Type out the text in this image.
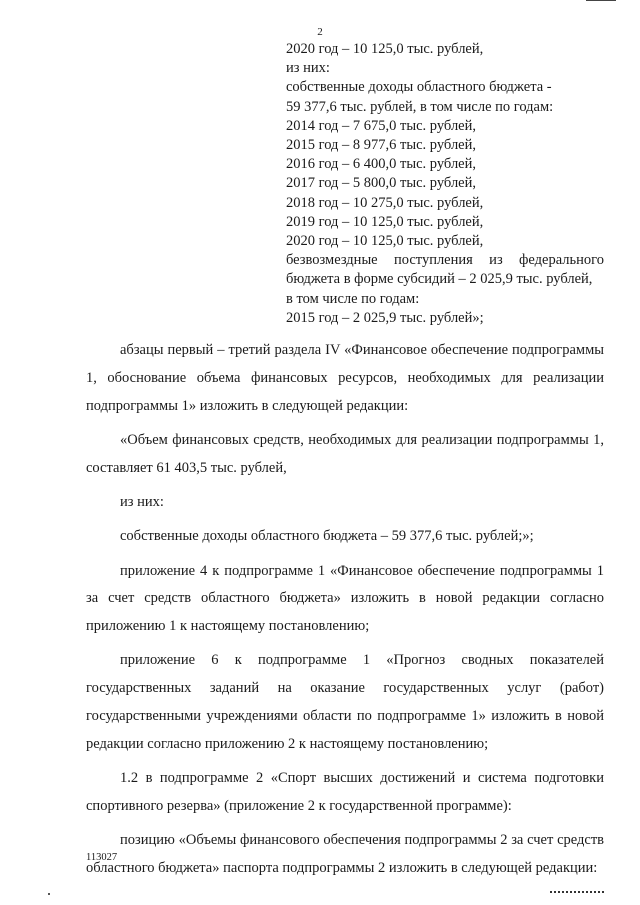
2

2020 год – 10 125,0 тыс. рублей,

из них:

собственные доходы областного бюджета -

59 377,6 тыс. рублей, в том числе по годам:

2014 год – 7 675,0 тыс. рублей,

2015 год – 8 977,6 тыс. рублей,

2016 год – 6 400,0 тыс. рублей,

2017 год – 5 800,0 тыс. рублей,

2018 год – 10 275,0 тыс. рублей,

2019 год – 10 125,0 тыс. рублей,

2020 год – 10 125,0 тыс. рублей,

безвозмездные поступления из федерального бюджета в форме субсидий – 2 025,9 тыс. рублей,

в том числе по годам:

2015 год – 2 025,9 тыс. рублей»;

абзацы первый – третий раздела IV «Финансовое обеспечение подпрограммы 1, обоснование объема финансовых ресурсов, необходимых для реализации подпрограммы 1» изложить в следующей редакции:

«Объем финансовых средств, необходимых для реализации подпрограммы 1, составляет 61 403,5 тыс. рублей,

из них:

собственные доходы областного бюджета – 59 377,6 тыс. рублей;»;

приложение 4 к подпрограмме 1 «Финансовое обеспечение подпрограммы 1 за счет средств областного бюджета» изложить в новой редакции согласно приложению 1 к настоящему постановлению;

приложение 6 к подпрограмме 1 «Прогноз сводных показателей государственных заданий на оказание государственных услуг (работ) государственными учреждениями области по подпрограмме 1» изложить в новой редакции согласно приложению 2 к настоящему постановлению;

1.2 в подпрограмме 2 «Спорт высших достижений и система подготовки спортивного резерва» (приложение 2 к государственной программе):

позицию «Объемы финансового обеспечения подпрограммы 2 за счет средств областного бюджета» паспорта подпрограммы 2 изложить в следующей редакции:

113027
